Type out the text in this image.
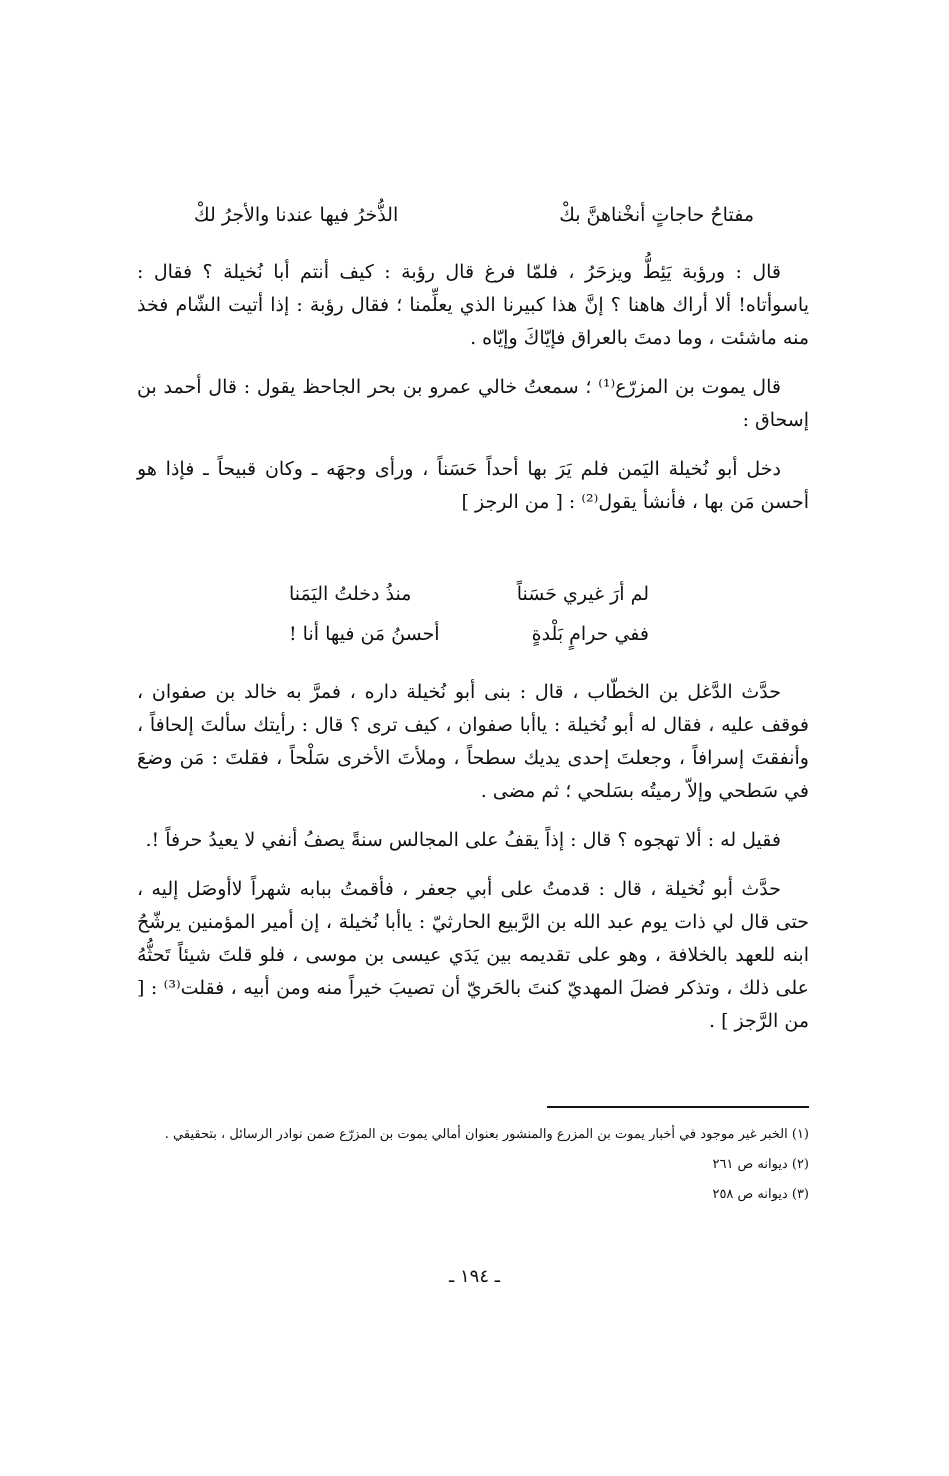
مفتاحُ حاجاتٍ أنخْناهنَّ بكْ
الذُّخرُ فيها عندنا والأجرُ لكْ

قال : ورؤبة يَئِطُّ ويزحَرُ ، فلمّا فرغ قال رؤبة : كيف أنتم أبا نُخيلة ؟ فقال : ياسوأتاه! ألا أراك هاهنا ؟ إنَّ هذا كبيرنا الذي يعلِّمنا ؛ فقال رؤبة : إذا أتيت الشّام فخذ منه ماشئت ، وما دمتَ بالعراق فإيّاكَ وإيّاه .

قال يموت بن المزرّع⁽¹⁾ ؛ سمعتُ خالي عمرو بن بحر الجاحظ يقول : قال أحمد بن إسحاق :

دخل أبو نُخيلة اليَمن فلم يَرَ بها أحداً حَسَناً ، ورأى وجهَه ـ وكان قبيحاً ـ فإذا هو أحسن مَن بها ، فأنشأ يقول⁽²⁾ : [ من الرجز ]

لم أرَ غيري حَسَناً
منذُ دخلتُ اليَمَنا
ففي حرامٍ بَلْدةٍ
أحسنُ مَن فيها أنا !

حدَّث الدَّغل بن الخطّاب ، قال : بنى أبو نُخيلة داره ، فمرَّ به خالد بن صفوان ، فوقف عليه ، فقال له أبو نُخيلة : ياأبا صفوان ، كيف ترى ؟ قال : رأيتك سألتَ إلحافاً ، وأنفقتَ إسرافاً ، وجعلتَ إحدى يديك سطحاً ، وملأتَ الأخرى سَلْحاً ، فقلتَ : مَن وضعَ في سَطحي وإلاّ رميتُه بسَلحي ؛ ثم مضى .

فقيل له : ألا تهجوه ؟ قال : إذاً يقفُ على المجالس سنةً يصفُ أنفي لا يعيدُ حرفاً !.

حدَّث أبو نُخيلة ، قال : قدمتُ على أبي جعفر ، فأقمتُ ببابه شهراً لاأوصَل إليه ، حتى قال لي ذات يوم عبد الله بن الرَّبيع الحارثيّ : ياأبا نُخيلة ، إن أمير المؤمنين يرشّحُ ابنه للعهد بالخلافة ، وهو على تقديمه بين يَدَي عيسى بن موسى ، فلو قلتَ شيئاً تَحثُّهُ على ذلك ، وتذكر فضلَ المهديّ كنتَ بالحَريّ أن تصيبَ خيراً منه ومن أبيه ، فقلت⁽³⁾ : [ من الرَّجز ] .

(١) الخبر غير موجود في أخبار يموت بن المزرع والمنشور بعنوان أمالي يموت بن المزرّع ضمن نوادر الرسائل ، بتحقيقي .
(٢) ديوانه ص ٢٦١
(٣) ديوانه ص ٢٥٨
ـ ١٩٤ ـ
